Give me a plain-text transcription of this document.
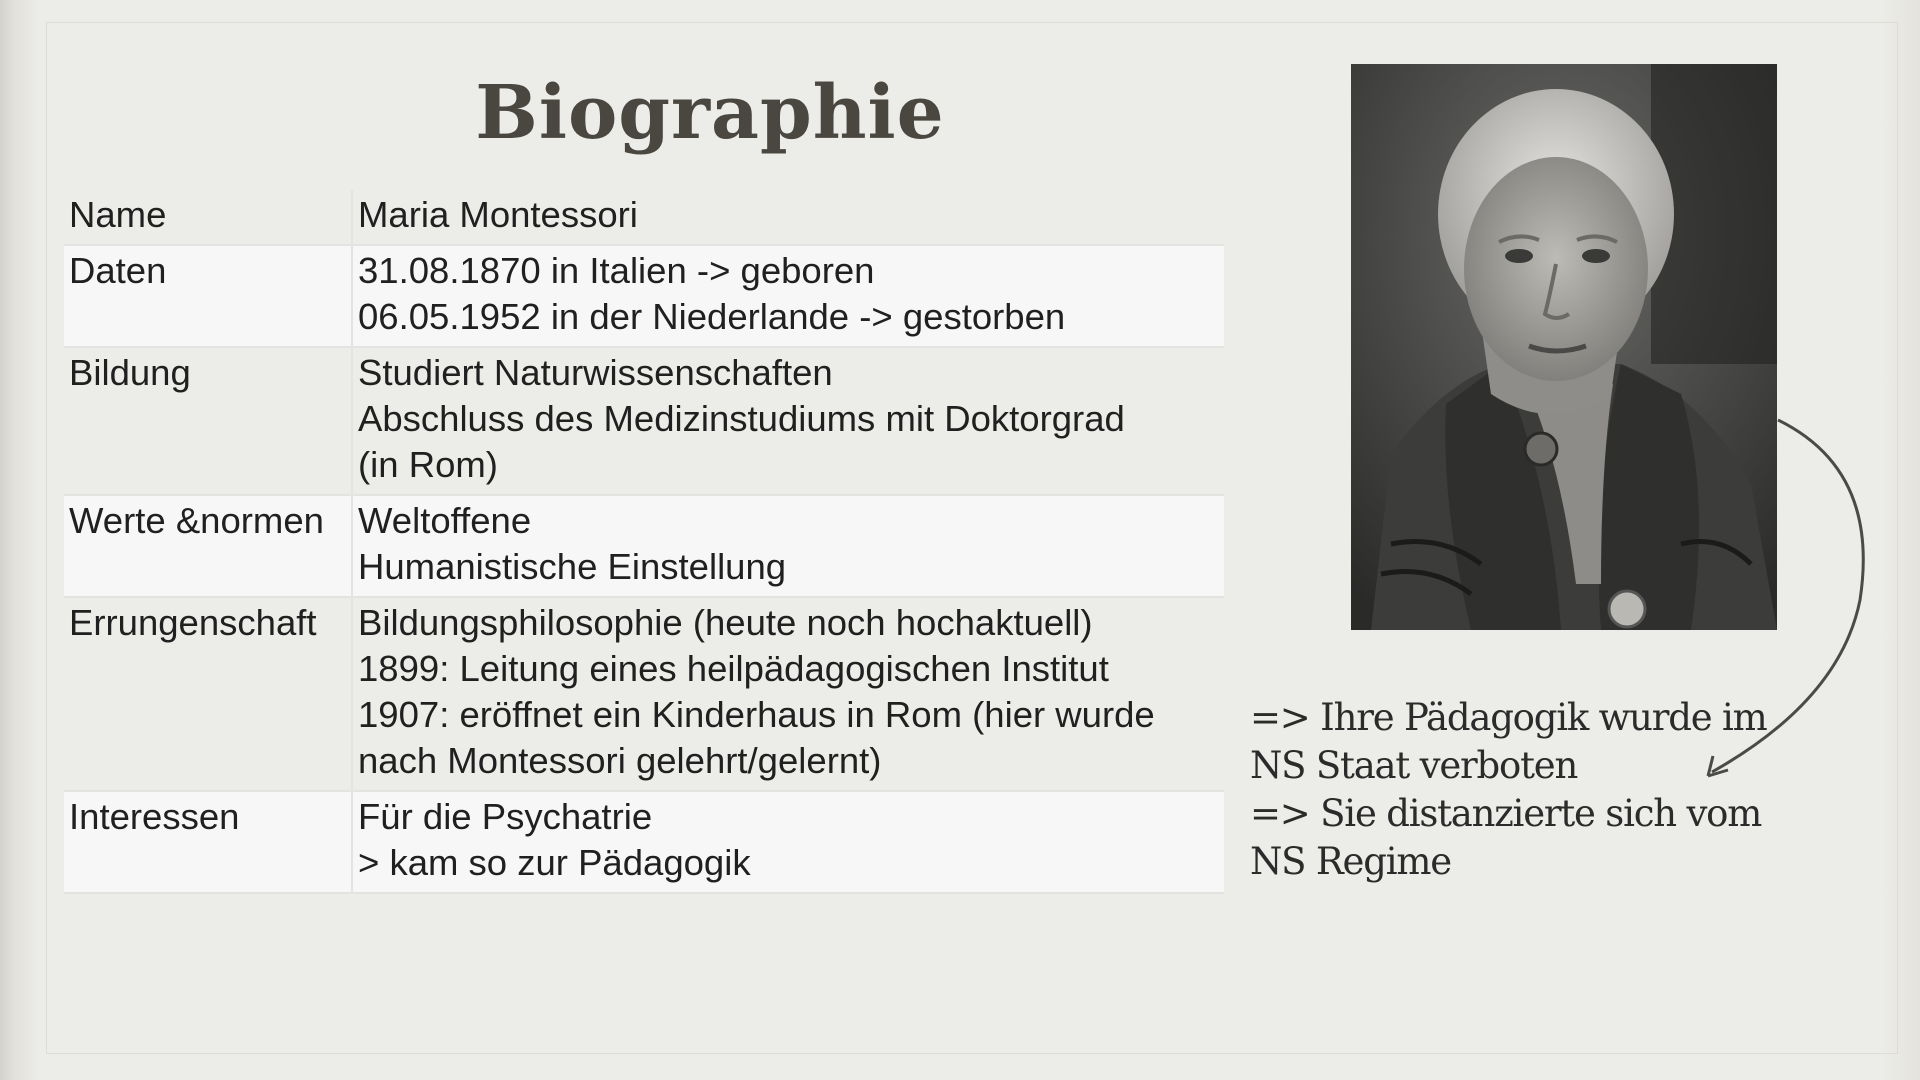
Biographie
Name	Maria Montessori

Daten	31.08.1870 in Italien -> geboren
06.05.1952 in der Niederlande -> gestorben

Bildung	Studiert Naturwissenschaften
Abschluss des Medizinstudiums mit Doktorgrad
(in Rom)

Werte &normen	Weltoffene
Humanistische Einstellung

Errungenschaft	Bildungsphilosophie (heute noch hochaktuell)
1899: Leitung eines heilpädagogischen Institut
1907: eröffnet ein Kinderhaus in Rom (hier wurde
nach Montessori gelehrt/gelernt)

Interessen	Für die Psychatrie
> kam so zur Pädagogik
=> Ihre Pädagogik wurde im
NS Staat verboten
=> Sie distanzierte sich vom
NS Regime
